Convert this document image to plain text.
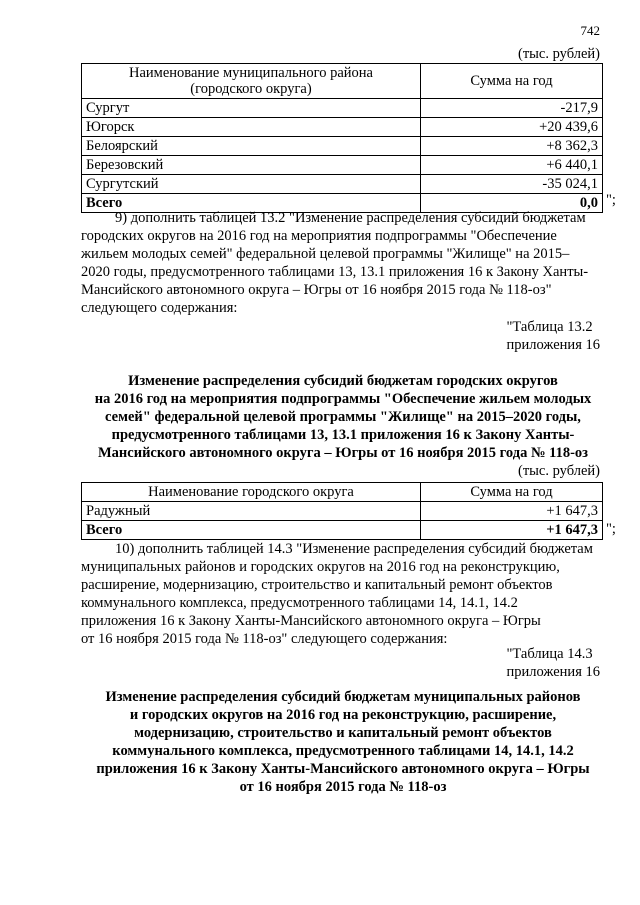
742
(тыс. рублей)
Наименование муниципального района
(городского округа)	Сумма на год
Сургут	-217,9
Югорск	+20 439,6
Белоярский	+8 362,3
Березовский	+6 440,1
Сургутский	-35 024,1
Всего	0,0 ";

9) дополнить таблицей 13.2 "Изменение распределения субсидий бюджетам

городских округов на 2016 год на мероприятия подпрограммы "Обеспечение

жильем молодых семей" федеральной целевой программы "Жилище" на 2015–

2020 годы, предусмотренного таблицами 13, 13.1 приложения 16 к Закону Ханты-

Мансийского автономного округа – Югры от 16 ноября 2015 года № 118-оз"

следующего содержания:

"Таблица 13.2
приложения 16
Изменение распределения субсидий бюджетам городских округов
на 2016 год на мероприятия подпрограммы "Обеспечение жильем молодых
семей" федеральной целевой программы "Жилище" на 2015–2020 годы,
предусмотренного таблицами 13, 13.1 приложения 16 к Закону Ханты-
Мансийского автономного округа – Югры от 16 ноября 2015 года № 118-оз
(тыс. рублей)
Наименование городского округа	Сумма на год
Радужный	+1 647,3
Всего	+1 647,3 ";

10) дополнить таблицей 14.3 "Изменение распределения субсидий бюджетам

муниципальных районов и городских округов на 2016 год на реконструкцию,

расширение, модернизацию, строительство и капитальный ремонт объектов

коммунального комплекса, предусмотренного таблицами 14, 14.1, 14.2

приложения 16 к Закону Ханты-Мансийского автономного округа – Югры

от 16 ноября 2015 года № 118-оз" следующего содержания:

"Таблица 14.3
приложения 16
Изменение распределения субсидий бюджетам муниципальных районов
и городских округов на 2016 год на реконструкцию, расширение,
модернизацию, строительство и капитальный ремонт объектов
коммунального комплекса, предусмотренного таблицами 14, 14.1, 14.2
приложения 16 к Закону Ханты-Мансийского автономного округа – Югры
от 16 ноября 2015 года № 118-оз
